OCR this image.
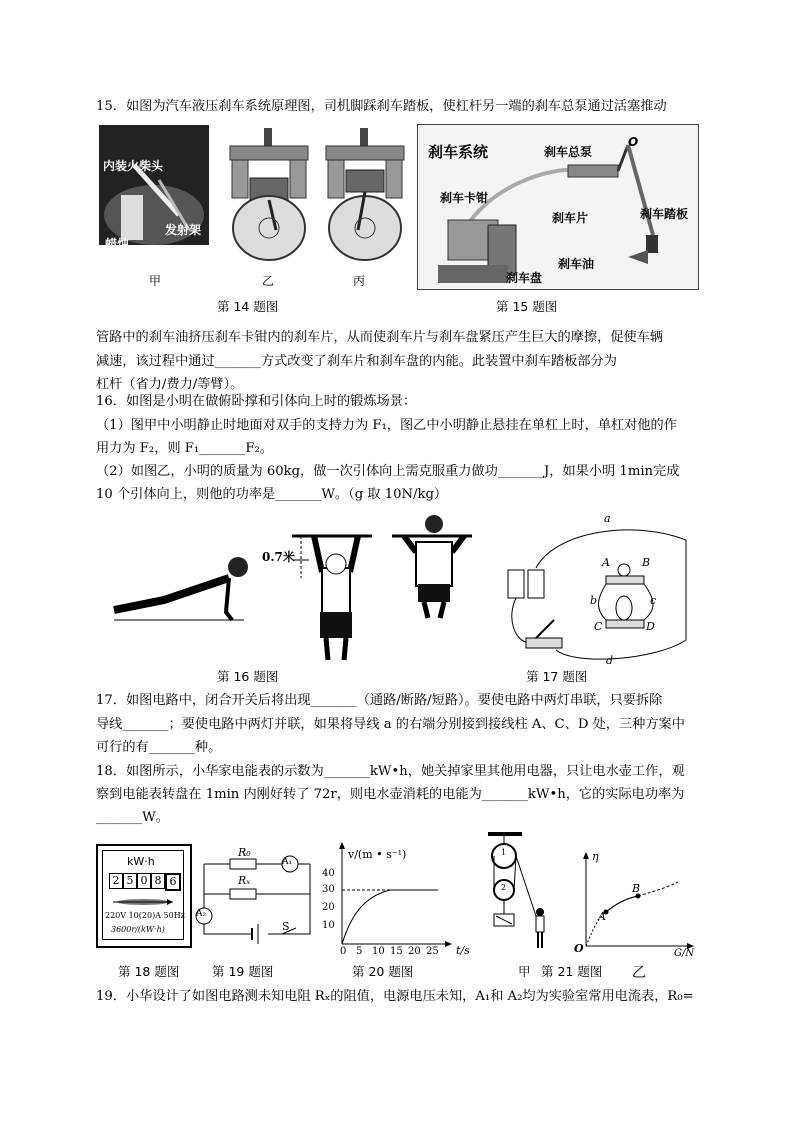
15．如图为汽车液压刹车系统原理图，司机脚踩刹车踏板，使杠杆另一端的刹车总泵通过活塞推动
内装火柴头
发射架
蜡烛
甲	乙	丙
第 14 题图
刹车系统	刹车总泵
O
刹车卡钳
刹车片	刹车踏板
刹车油
刹车盘
第 15 题图
管路中的刹车油挤压刹车卡钳内的刹车片，从而使刹车片与刹车盘紧压产生巨大的摩擦，促使车辆
减速，该过程中通过_______方式改变了刹车片和刹车盘的内能。此装置中刹车踏板部分为
杠杆（省力/费力/等臂）。
16．如图是小明在做俯卧撑和引体向上时的锻炼场景：
（1）图甲中小明静止时地面对双手的支持力为 F₁，图乙中小明静止悬挂在单杠上时，单杠对他的作
用力为 F₂，则 F₁_______F₂。
（2）如图乙，小明的质量为 60kg，做一次引体向上需克服重力做功_______J，如果小明 1min完成
10 个引体向上，则他的功率是_______W。（g 取 10N/kg）
0.7米
第 16 题图
a
A	B
b	c
C	D
d
第 17 题图
17．如图电路中，闭合开关后将出现_______（通路/断路/短路）。要使电路中两灯串联，只要拆除
导线_______；要使电路中两灯并联，如果将导线 a 的右端分别接到接线柱 A、C、D 处，三种方案中
可行的有_______种。
18．如图所示，小华家电能表的示数为_______kW•h，她关掉家里其他用电器，只让电水壶工作，观
察到电能表转盘在 1min 内刚好转了 72r，则电水壶消耗的电能为_______kW•h，它的实际电功率为
_______W。
kW·h
2 5 0 8 6
220V 10(20)A 50Hz
3600r/(kW·h)
第 18 题图
R₀
Rₓ
A₁
A₂
S
第 19 题图
v/(m • s⁻¹)
40
30
20
10
0 5 10 15 20 25 t/s
第 20 题图
1
2
甲 第 21 题图
η
O
A
B
G/N
乙
19．小华设计了如图电路测未知电阻 Rₓ的阻值，电源电压未知，A₁和 A₂均为实验室常用电流表，R₀=
